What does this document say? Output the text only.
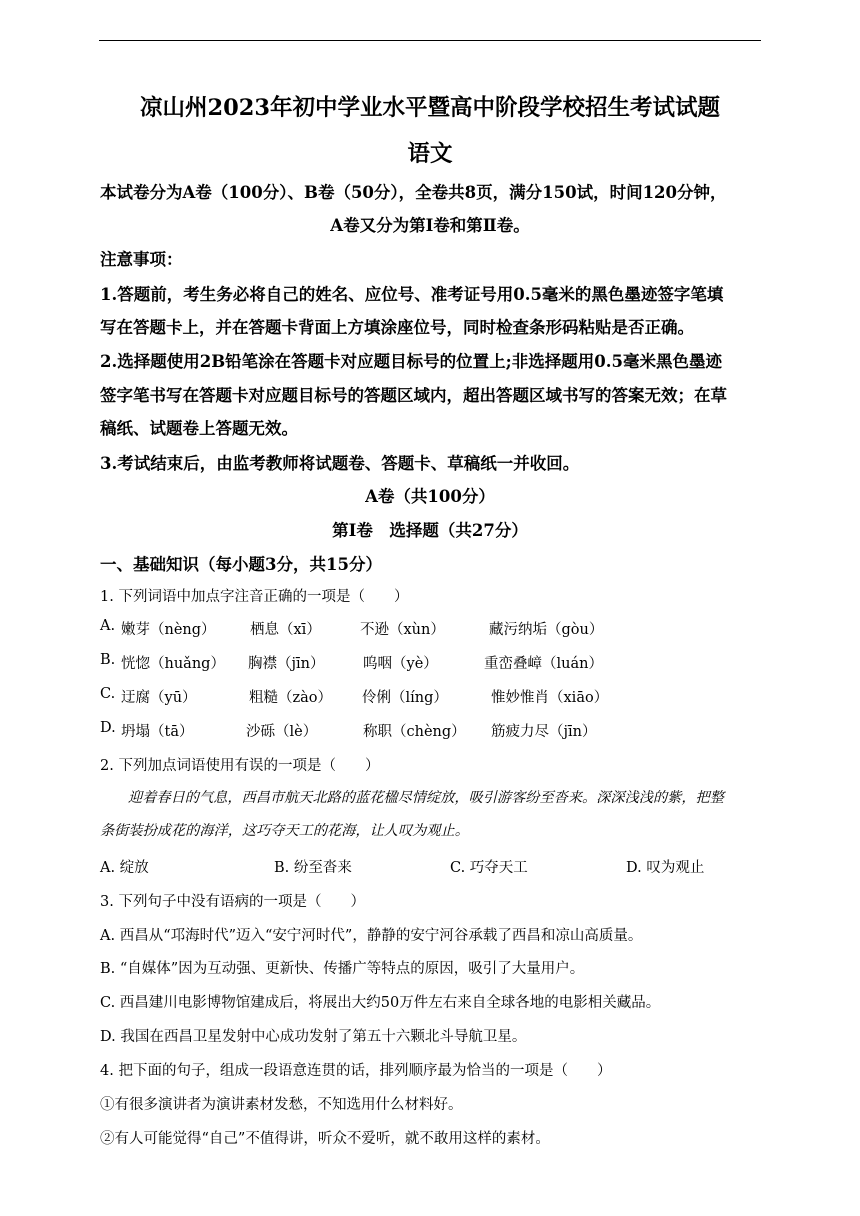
凉山州2023年初中学业水平暨高中阶段学校招生考试试题
语文
本试卷分为A卷（100分）、B卷（50分），全卷共8页，满分150试，时间120分钟，
A卷又分为第Ⅰ卷和第Ⅱ卷。
注意事项：
1.答题前，考生务必将自己的姓名、应位号、准考证号用0.5毫米的黑色墨迹签字笔填
写在答题卡上，并在答题卡背面上方填涂座位号，同时检查条形码粘贴是否正确。
2.选择题使用2B铅笔涂在答题卡对应题目标号的位置上;非选择题用0.5毫米黑色墨迹
签字笔书写在答题卡对应题目标号的答题区域内，超出答题区域书写的答案无效；在草
稿纸、试题卷上答题无效。
3.考试结束后，由监考教师将试题卷、答题卡、草稿纸一并收回。
A卷（共100分）
第Ⅰ卷　选择题（共27分）
一、基础知识（每小题3分，共15分）
1. 下列词语中加点字注音正确的一项是（　　）
A. 嫩芽（nèng） 栖息（xī）	不逊（xùn）	藏污纳垢（gòu）
B. 恍惚（huǎng） 胸襟（jīn）	呜咽（yè）	重峦叠嶂（luán）
C. 迂腐（yū）	粗糙（zào） 伶俐（líng）	惟妙惟肖（xiāo）
D. 坍塌（tā）	沙砾（lè）	称职（chèng） 筋疲力尽（jīn）
2. 下列加点词语使用有误的一项是（　　）
迎着春日的气息，西昌市航天北路的蓝花楹尽情绽放，吸引游客纷至沓来。深深浅浅的紫，把整
条街装扮成花的海洋，这巧夺天工的花海，让人叹为观止。
A. 绽放	B. 纷至沓来	C. 巧夺天工	D. 叹为观止
3. 下列句子中没有语病的一项是（　　）
A. 西昌从“邛海时代”迈入“安宁河时代”，静静的安宁河谷承载了西昌和凉山高质量。
B. “自媒体”因为互动强、更新快、传播广等特点的原因，吸引了大量用户。
C. 西昌建川电影博物馆建成后，将展出大约50万件左右来自全球各地的电影相关藏品。
D. 我国在西昌卫星发射中心成功发射了第五十六颗北斗导航卫星。
4. 把下面的句子，组成一段语意连贯的话，排列顺序最为恰当的一项是（　　）
①有很多演讲者为演讲素材发愁，不知选用什么材料好。
②有人可能觉得“自己”不值得讲，听众不爱听，就不敢用这样的素材。
